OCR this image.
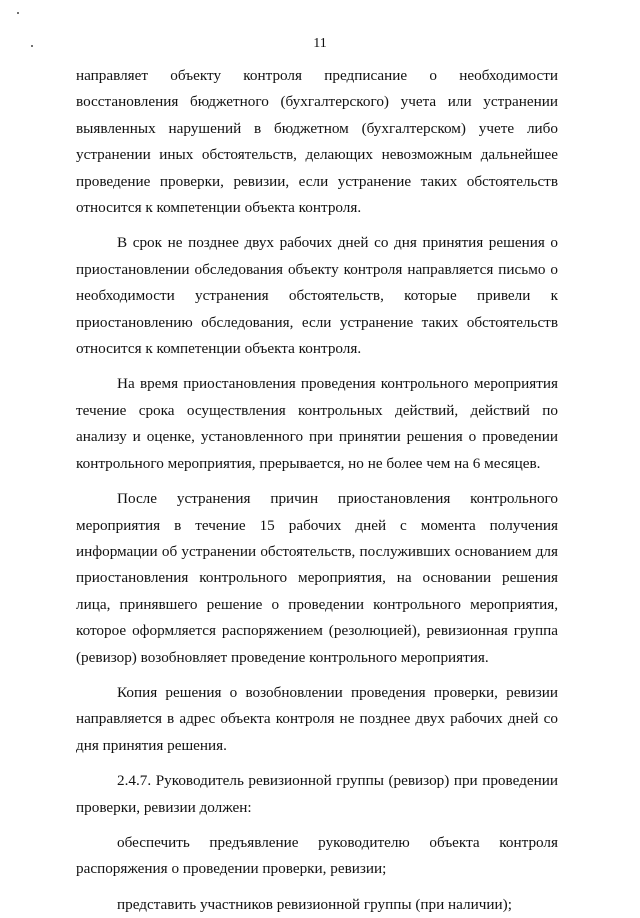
11

направляет объекту контроля предписание о необходимости восстановления бюджетного (бухгалтерского) учета или устранении выявленных нарушений в бюджетном (бухгалтерском) учете либо устранении иных обстоятельств, делающих невозможным дальнейшее проведение проверки, ревизии, если устранение таких обстоятельств относится к компетенции объекта контроля.

В срок не позднее двух рабочих дней со дня принятия решения о приостановлении обследования объекту контроля направляется письмо о необходимости устранения обстоятельств, которые привели к приостановлению обследования, если устранение таких обстоятельств относится к компетенции объекта контроля.

На время приостановления проведения контрольного мероприятия течение срока осуществления контрольных действий, действий по анализу и оценке, установленного при принятии решения о проведении контрольного мероприятия, прерывается, но не более чем на 6 месяцев.

После устранения причин приостановления контрольного мероприятия в течение 15 рабочих дней с момента получения информации об устранении обстоятельств, послуживших основанием для приостановления контрольного мероприятия, на основании решения лица, принявшего решение о проведении контрольного мероприятия, которое оформляется распоряжением (резолюцией), ревизионная группа (ревизор) возобновляет проведение контрольного мероприятия.

Копия решения о возобновлении проведения проверки, ревизии направляется в адрес объекта контроля не позднее двух рабочих дней со дня принятия решения.

2.4.7. Руководитель ревизионной группы (ревизор) при проведении проверки, ревизии должен:

обеспечить предъявление руководителю объекта контроля распоряжения о проведении проверки, ревизии;

представить участников ревизионной группы (при наличии);
